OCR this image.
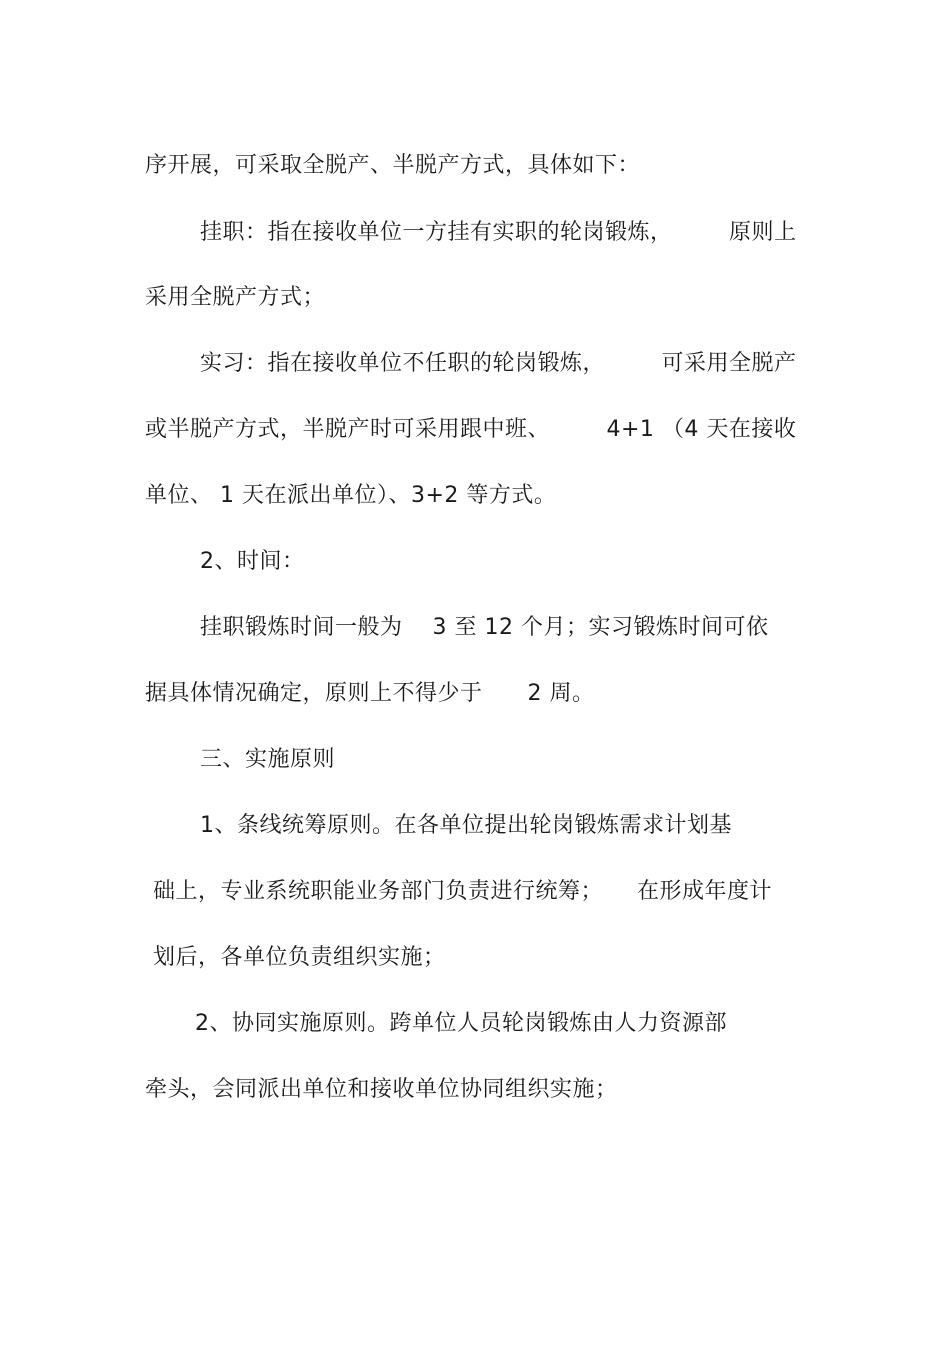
序开展，可采取全脱产、半脱产方式，具体如下：
挂职：指在接收单位一方挂有实职的轮岗锻炼，　　　原则上
采用全脱产方式；
实习：指在接收单位不任职的轮岗锻炼，　　　可采用全脱产
或半脱产方式，半脱产时可采用跟中班、　　　4+1 （4 天在接收
单位、 1 天在派出单位）、3+2 等方式。
2、时间：
挂职锻炼时间一般为　 3 至 12 个月；实习锻炼时间可依
据具体情况确定，原则上不得少于　　2 周。
三、实施原则
1、条线统筹原则。在各单位提出轮岗锻炼需求计划基
础上，专业系统职能业务部门负责进行统筹；　　在形成年度计
划后，各单位负责组织实施；
2、协同实施原则。跨单位人员轮岗锻炼由人力资源部
牵头，会同派出单位和接收单位协同组织实施；
